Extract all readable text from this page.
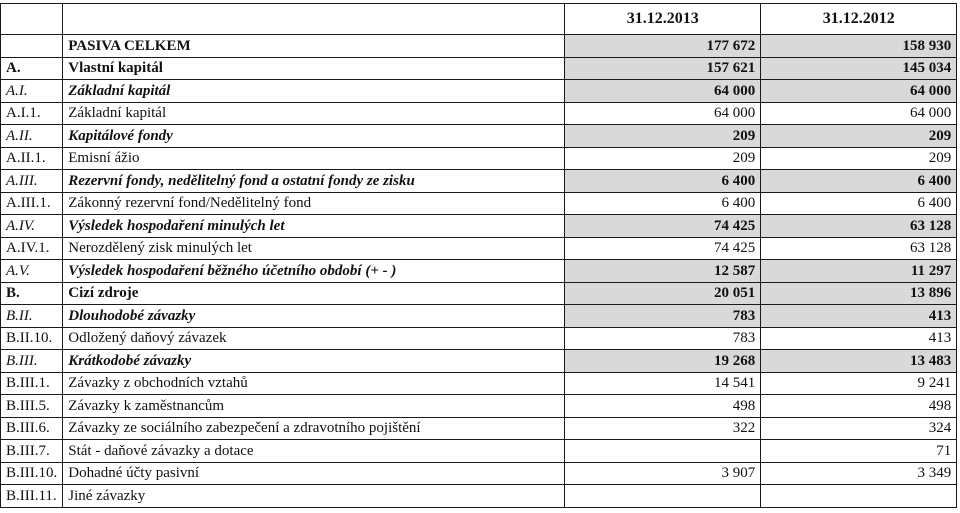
		31.12.2013	31.12.2012
	PASIVA CELKEM	177 672	158 930
A.	Vlastní kapitál	157 621	145 034
A.I.	Základní kapitál	64 000	64 000
A.I.1.	Základní kapitál	64 000	64 000
A.II.	Kapitálové fondy	209	209
A.II.1.	Emisní ážio	209	209
A.III.	Rezervní fondy, nedělitelný fond a ostatní fondy ze zisku	6 400	6 400
A.III.1.	Zákonný rezervní fond/Nedělitelný fond	6 400	6 400
A.IV.	Výsledek hospodaření minulých let	74 425	63 128
A.IV.1.	Nerozdělený zisk minulých let	74 425	63 128
A.V.	Výsledek hospodaření běžného účetního období (+ - )	12 587	11 297
B.	Cizí zdroje	20 051	13 896
B.II.	Dlouhodobé závazky	783	413
B.II.10.	Odložený daňový závazek	783	413
B.III.	Krátkodobé závazky	19 268	13 483
B.III.1.	Závazky z obchodních vztahů	14 541	9 241
B.III.5.	Závazky k zaměstnancům	498	498
B.III.6.	Závazky ze sociálního zabezpečení a zdravotního pojištění	322	324
B.III.7.	Stát - daňové závazky a dotace		71
B.III.10.	Dohadné účty pasivní	3 907	3 349
B.III.11.	Jiné závazky		
